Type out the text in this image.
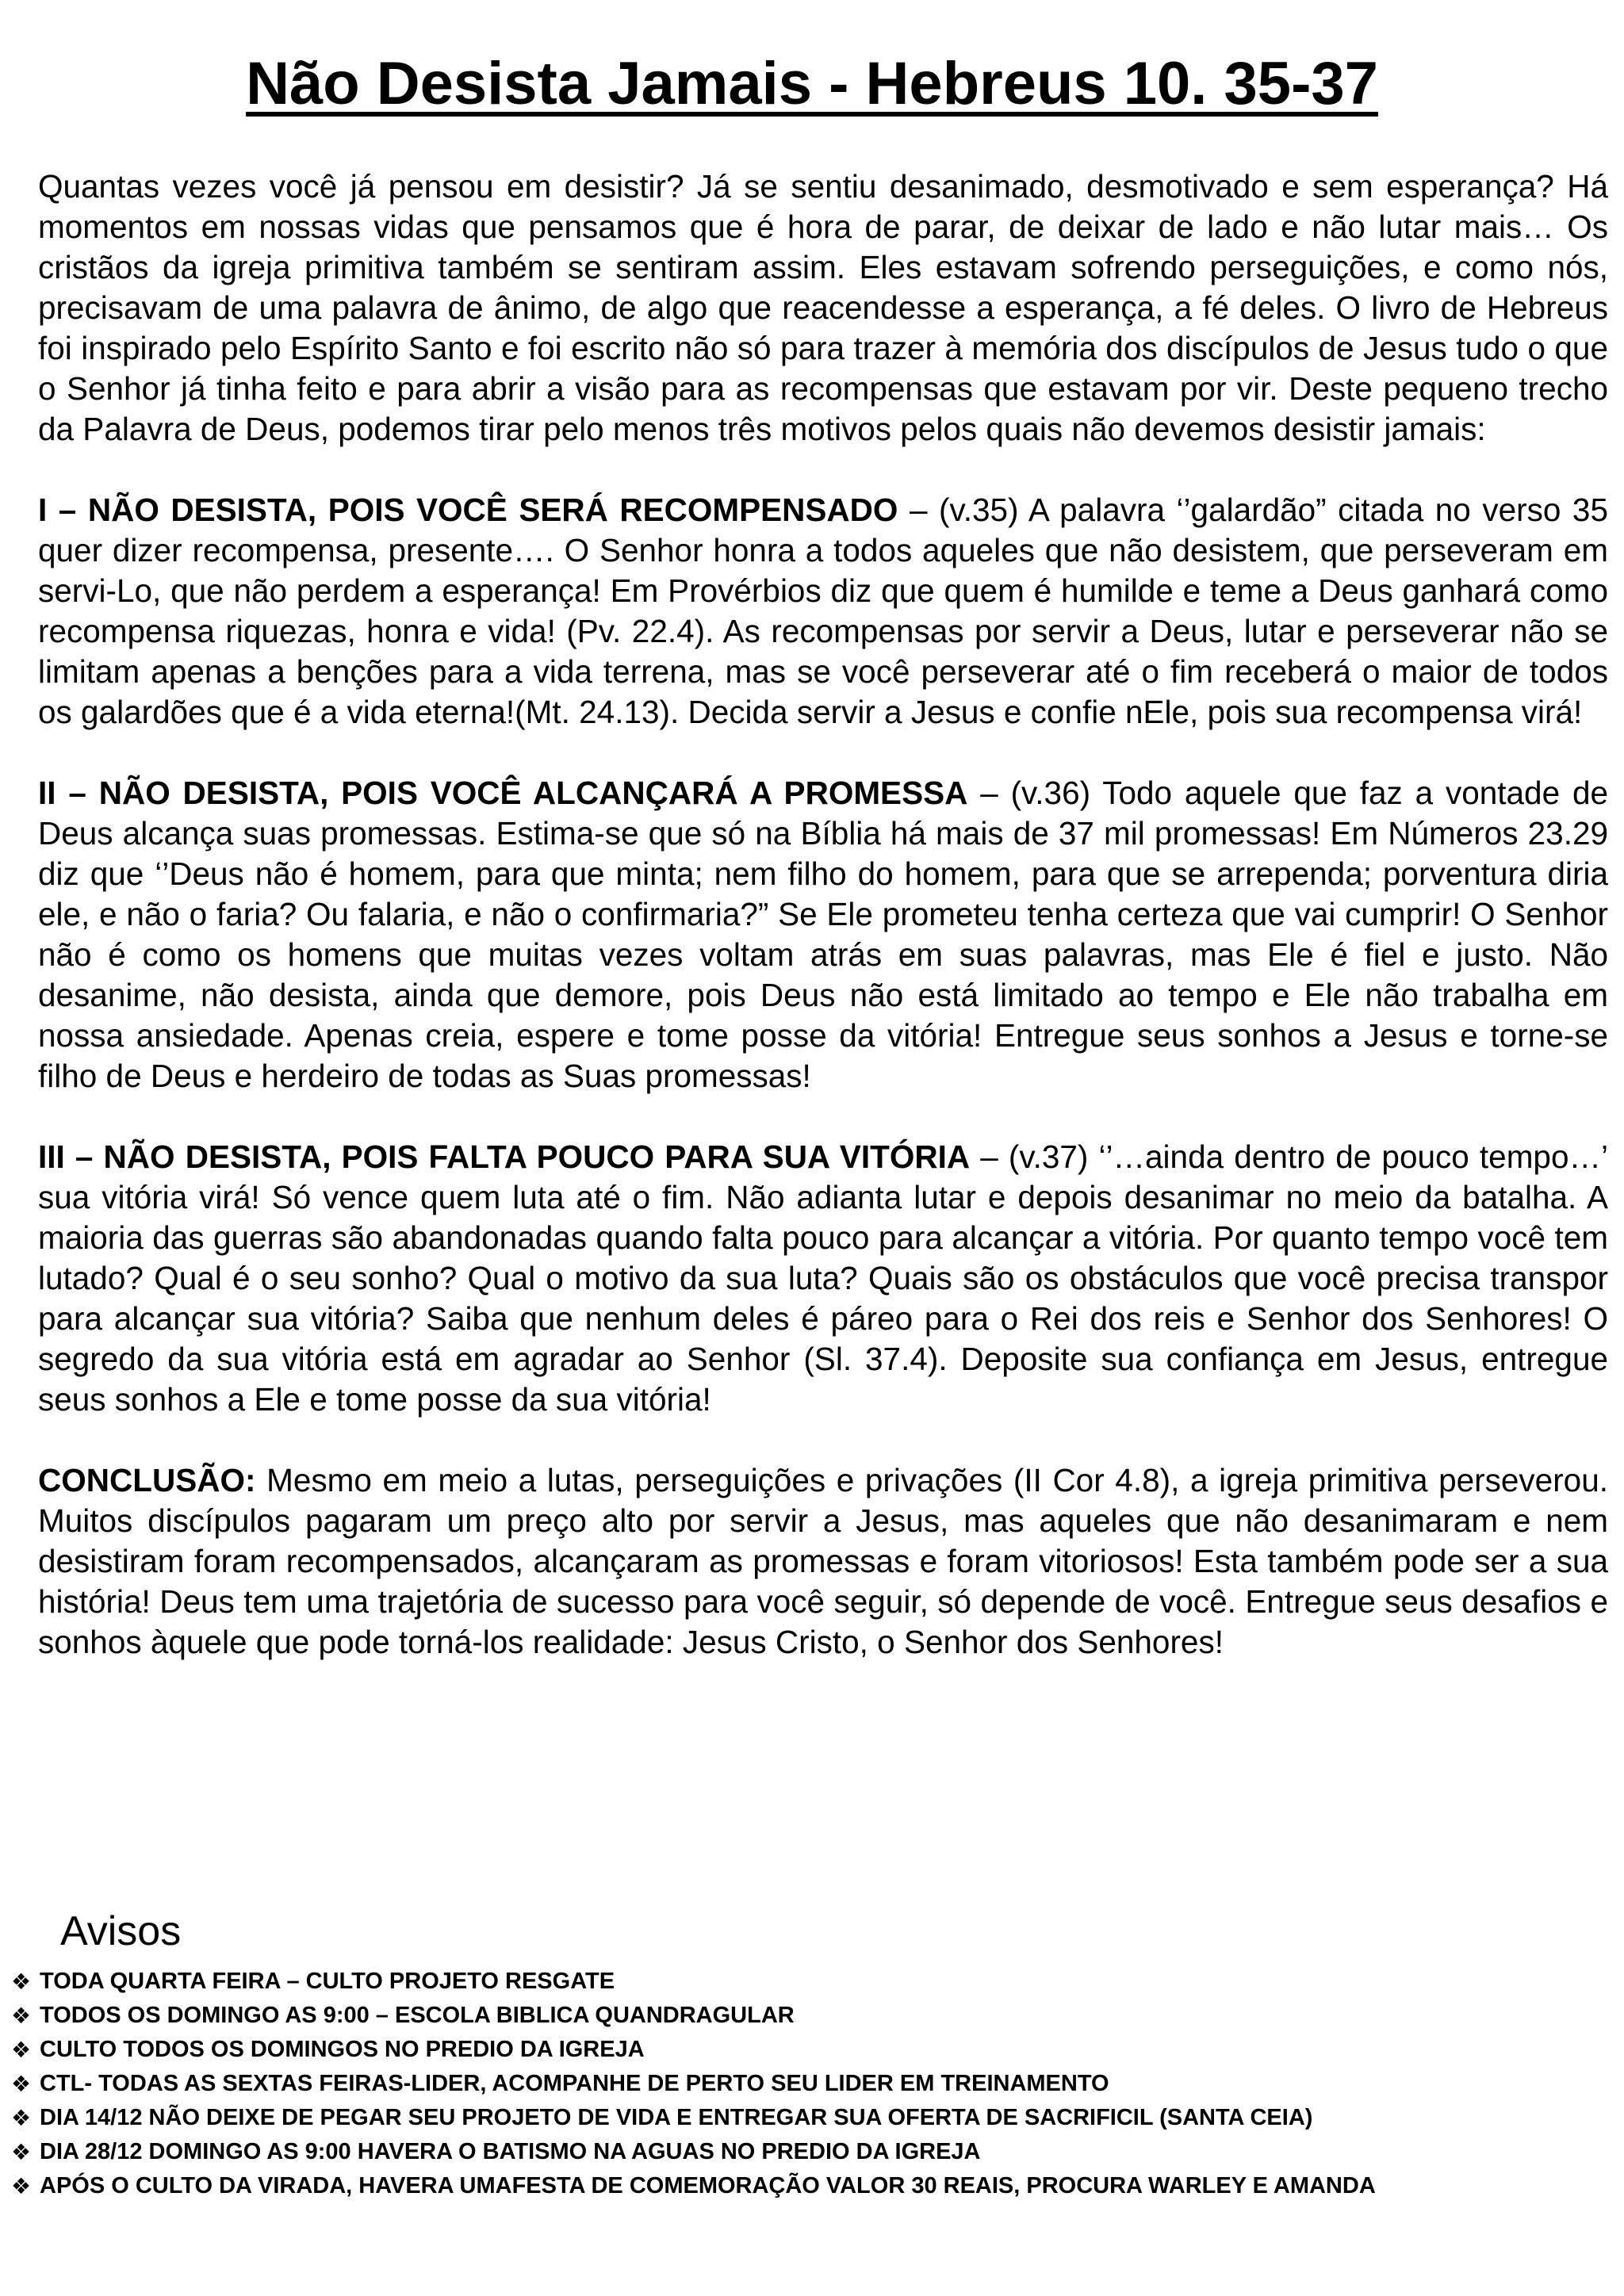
Não Desista Jamais - Hebreus 10. 35-37

Quantas vezes você já pensou em desistir? Já se sentiu desanimado, desmotivado e sem esperança? Há momentos em nossas vidas que pensamos que é hora de parar, de deixar de lado e não lutar mais… Os cristãos da igreja primitiva também se sentiram assim. Eles estavam sofrendo perseguições, e como nós, precisavam de uma palavra de ânimo, de algo que reacendesse a esperança, a fé deles. O livro de Hebreus foi inspirado pelo Espírito Santo e foi escrito não só para trazer à memória dos discípulos de Jesus tudo o que o Senhor já tinha feito e para abrir a visão para as recompensas que estavam por vir. Deste pequeno trecho da Palavra de Deus, podemos tirar pelo menos três motivos pelos quais não devemos desistir jamais:

I – NÃO DESISTA, POIS VOCÊ SERÁ RECOMPENSADO – (v.35) A palavra ‘’galardão” citada no verso 35 quer dizer recompensa, presente…. O Senhor honra a todos aqueles que não desistem, que perseveram em servi-Lo, que não perdem a esperança! Em Provérbios diz que quem é humilde e teme a Deus ganhará como recompensa riquezas, honra e vida! (Pv. 22.4). As recompensas por servir a Deus, lutar e perseverar não se limitam apenas a benções para a vida terrena, mas se você perseverar até o fim receberá o maior de todos os galardões que é a vida eterna!(Mt. 24.13). Decida servir a Jesus e confie nEle, pois sua recompensa virá!

II – NÃO DESISTA, POIS VOCÊ ALCANÇARÁ A PROMESSA – (v.36) Todo aquele que faz a vontade de Deus alcança suas promessas. Estima-se que só na Bíblia há mais de 37 mil promessas! Em Números 23.29 diz que ‘’Deus não é homem, para que minta; nem filho do homem, para que se arrependa; porventura diria ele, e não o faria? Ou falaria, e não o confirmaria?” Se Ele prometeu tenha certeza que vai cumprir! O Senhor não é como os homens que muitas vezes voltam atrás em suas palavras, mas Ele é fiel e justo. Não desanime, não desista, ainda que demore, pois Deus não está limitado ao tempo e Ele não trabalha em nossa ansiedade. Apenas creia, espere e tome posse da vitória! Entregue seus sonhos a Jesus e torne-se filho de Deus e herdeiro de todas as Suas promessas!

III – NÃO DESISTA, POIS FALTA POUCO PARA SUA VITÓRIA – (v.37) ‘’…ainda dentro de pouco tempo…’ sua vitória virá! Só vence quem luta até o fim. Não adianta lutar e depois desanimar no meio da batalha. A maioria das guerras são abandonadas quando falta pouco para alcançar a vitória. Por quanto tempo você tem lutado? Qual é o seu sonho? Qual o motivo da sua luta? Quais são os obstáculos que você precisa transpor para alcançar sua vitória? Saiba que nenhum deles é páreo para o Rei dos reis e Senhor dos Senhores! O segredo da sua vitória está em agradar ao Senhor (Sl. 37.4). Deposite sua confiança em Jesus, entregue seus sonhos a Ele e tome posse da sua vitória!

CONCLUSÃO: Mesmo em meio a lutas, perseguições e privações (II Cor 4.8), a igreja primitiva perseverou. Muitos discípulos pagaram um preço alto por servir a Jesus, mas aqueles que não desanimaram e nem desistiram foram recompensados, alcançaram as promessas e foram vitoriosos! Esta também pode ser a sua história! Deus tem uma trajetória de sucesso para você seguir, só depende de você. Entregue seus desafios e sonhos àquele que pode torná-los realidade: Jesus Cristo, o Senhor dos Senhores!

Avisos
❖ TODA QUARTA FEIRA – CULTO PROJETO RESGATE
❖ TODOS OS DOMINGO AS 9:00 – ESCOLA BIBLICA QUANDRAGULAR
❖ CULTO TODOS OS DOMINGOS NO PREDIO DA IGREJA
❖ CTL- TODAS AS SEXTAS FEIRAS-LIDER, ACOMPANHE DE PERTO SEU LIDER EM TREINAMENTO
❖ DIA 14/12 NÃO DEIXE DE PEGAR SEU PROJETO DE VIDA E ENTREGAR SUA OFERTA DE SACRIFICIL (SANTA CEIA)
❖ DIA 28/12 DOMINGO AS 9:00 HAVERA O BATISMO NA AGUAS NO PREDIO DA IGREJA
❖ APÓS O CULTO DA VIRADA, HAVERA UMAFESTA DE COMEMORAÇÃO VALOR 30 REAIS, PROCURA WARLEY E AMANDA
